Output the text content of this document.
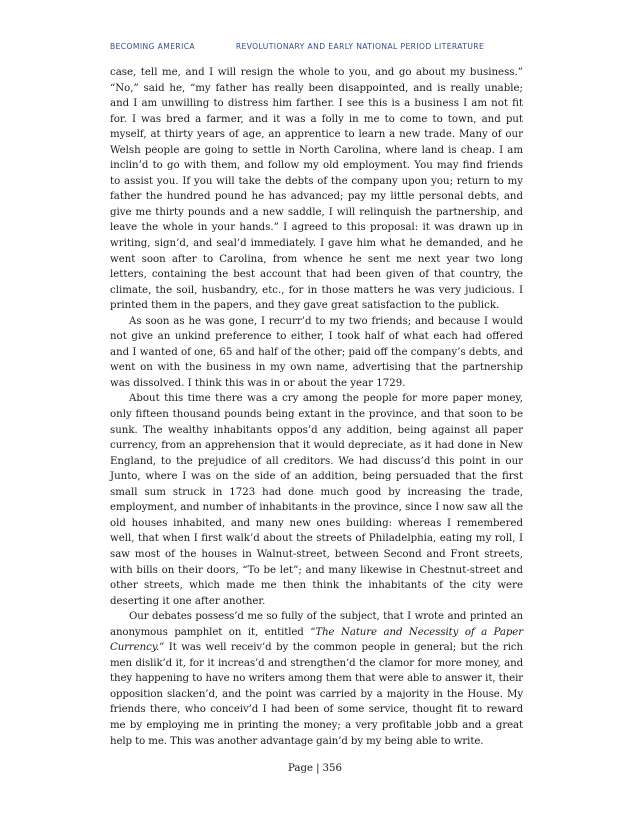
BECOMING AMERICA	REVOLUTIONARY AND EARLY NATIONAL PERIOD LITERATURE

case, tell me, and I will resign the whole to you, and go about my business.” “No,” said he, “my father has really been disappointed, and is really unable; and I am unwilling to distress him farther. I see this is a business I am not fit for. I was bred a farmer, and it was a folly in me to come to town, and put myself, at thirty years of age, an apprentice to learn a new trade. Many of our Welsh people are going to settle in North Carolina, where land is cheap. I am inclin’d to go with them, and follow my old employment. You may find friends to assist you. If you will take the debts of the company upon you; return to my father the hundred pound he has advanced; pay my little personal debts, and give me thirty pounds and a new saddle, I will relinquish the partnership, and leave the whole in your hands.” I agreed to this proposal: it was drawn up in writing, sign’d, and seal’d immediately. I gave him what he demanded, and he went soon after to Carolina, from whence he sent me next year two long letters, containing the best account that had been given of that country, the climate, the soil, husbandry, etc., for in those matters he was very judicious. I printed them in the papers, and they gave great satisfaction to the publick.

As soon as he was gone, I recurr’d to my two friends; and because I would not give an unkind preference to either, I took half of what each had offered and I wanted of one, 65 and half of the other; paid off the company’s debts, and went on with the business in my own name, advertising that the partnership was dissolved. I think this was in or about the year 1729.

About this time there was a cry among the people for more paper money, only fifteen thousand pounds being extant in the province, and that soon to be sunk. The wealthy inhabitants oppos’d any addition, being against all paper currency, from an apprehension that it would depreciate, as it had done in New England, to the prejudice of all creditors. We had discuss’d this point in our Junto, where I was on the side of an addition, being persuaded that the first small sum struck in 1723 had done much good by increasing the trade, employment, and number of inhabitants in the province, since I now saw all the old houses inhabited, and many new ones building: whereas I remembered well, that when I first walk’d about the streets of Philadelphia, eating my roll, I saw most of the houses in Walnut-street, between Second and Front streets, with bills on their doors, “To be let”; and many likewise in Chestnut-street and other streets, which made me then think the inhabitants of the city were deserting it one after another.

Our debates possess’d me so fully of the subject, that I wrote and printed an anonymous pamphlet on it, entitled “The Nature and Necessity of a Paper Currency.” It was well receiv’d by the common people in general; but the rich men dislik’d it, for it increas’d and strengthen’d the clamor for more money, and they happening to have no writers among them that were able to answer it, their opposition slacken’d, and the point was carried by a majority in the House. My friends there, who conceiv’d I had been of some service, thought fit to reward me by employing me in printing the money; a very profitable jobb and a great help to me. This was another advantage gain’d by my being able to write.

Page | 356
